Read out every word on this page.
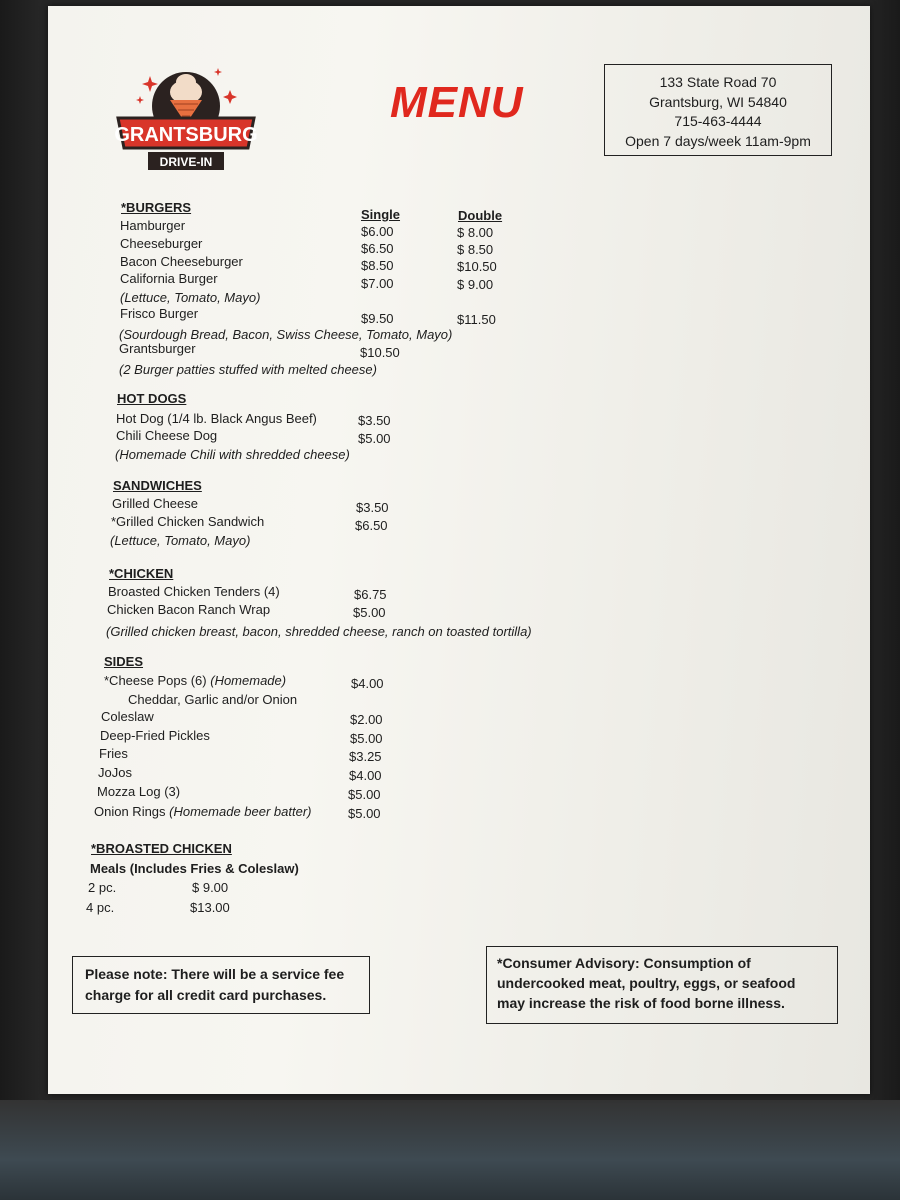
GRANTSBURG
DRIVE-IN
MENU	133 State Road 70
Grantsburg, WI 54840
715-463-4444
Open 7 days/week 11am-9pm
*BURGERS	Single	Double
Hamburger	$6.00	$ 8.00
Cheeseburger	$6.50	$ 8.50
Bacon Cheeseburger	$8.50	$10.50
California Burger	$7.00	$ 9.00
(Lettuce, Tomato, Mayo)
Frisco Burger	$9.50	$11.50
(Sourdough Bread, Bacon, Swiss Cheese, Tomato, Mayo)
Grantsburger	$10.50
(2 Burger patties stuffed with melted cheese)
HOT DOGS
Hot Dog (1/4 lb. Black Angus Beef)	$3.50
Chili Cheese Dog	$5.00
(Homemade Chili with shredded cheese)
SANDWICHES
Grilled Cheese	$3.50
*Grilled Chicken Sandwich	$6.50
(Lettuce, Tomato, Mayo)
*CHICKEN
Broasted Chicken Tenders (4)	$6.75
Chicken Bacon Ranch Wrap	$5.00
(Grilled chicken breast, bacon, shredded cheese, ranch on toasted tortilla)
SIDES
*Cheese Pops (6) (Homemade)	$4.00
Cheddar, Garlic and/or Onion
Coleslaw	$2.00
Deep-Fried Pickles	$5.00
Fries	$3.25
JoJos	$4.00
Mozza Log (3)	$5.00
Onion Rings (Homemade beer batter)	$5.00
*BROASTED CHICKEN
Meals (Includes Fries & Coleslaw)
2 pc.	$ 9.00
4 pc.	$13.00
Please note: There will be a service fee
charge for all credit card purchases.
*Consumer Advisory: Consumption of
undercooked meat, poultry, eggs, or seafood
may increase the risk of food borne illness.
